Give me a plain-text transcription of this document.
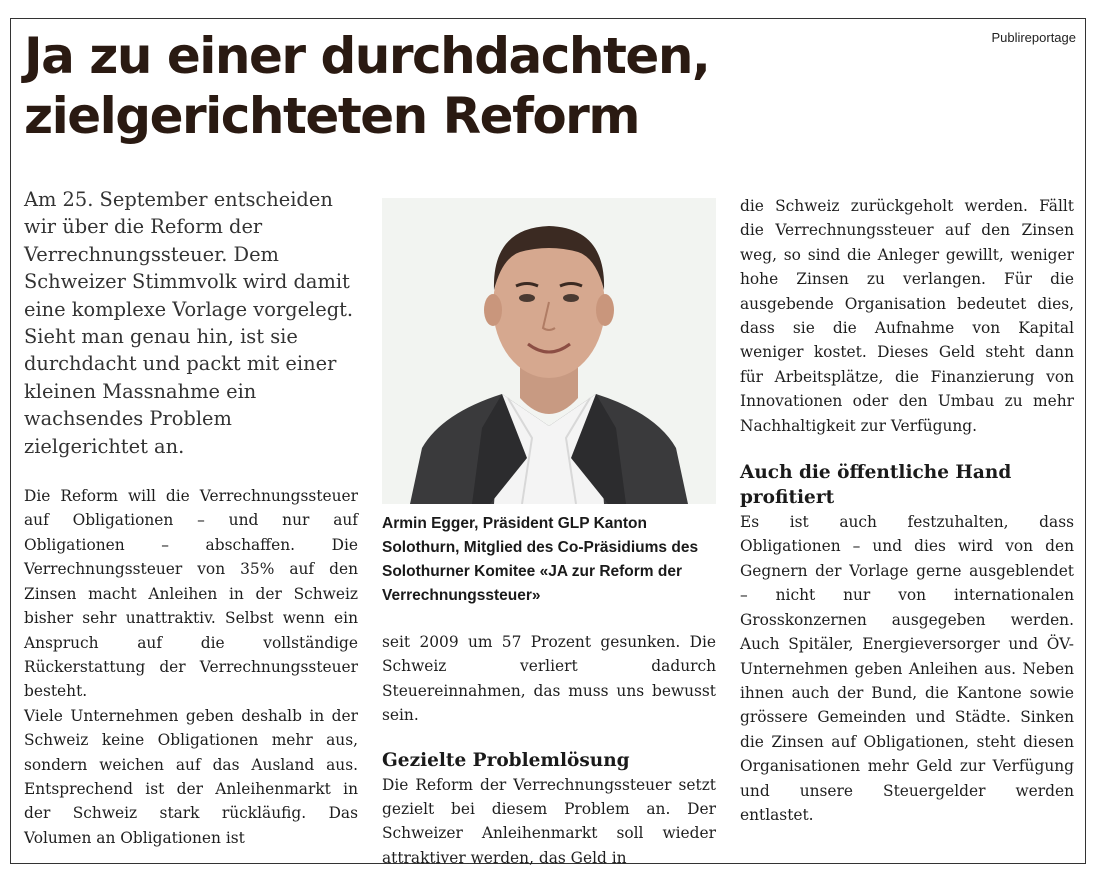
Publireportage
Ja zu einer durchdachten, zielgerichteten Reform

Am 25. September entscheiden wir über die Reform der Verrechnungssteuer. Dem Schweizer Stimmvolk wird damit eine komplexe Vorlage vorgelegt. Sieht man genau hin, ist sie durchdacht und packt mit einer kleinen Massnahme ein wachsendes Problem zielgerichtet an.

Die Reform will die Verrechnungssteuer auf Obligationen – und nur auf Obligationen – abschaffen. Die Verrechnungssteuer von 35% auf den Zinsen macht Anleihen in der Schweiz bisher sehr unattraktiv. Selbst wenn ein Anspruch auf die vollständige Rückerstattung der Verrechnungssteuer besteht.

Viele Unternehmen geben deshalb in der Schweiz keine Obligationen mehr aus, sondern weichen auf das Ausland aus. Entsprechend ist der Anleihenmarkt in der Schweiz stark rückläufig. Das Volumen an Obligationen ist

Armin Egger, Präsident GLP Kanton Solothurn, Mitglied des Co-Präsidiums des Solothurner Komitee «JA zur Reform der Verrechnungssteuer»

seit 2009 um 57 Prozent gesunken. Die Schweiz verliert dadurch Steuereinnahmen, das muss uns bewusst sein.

Gezielte Problemlösung

Die Reform der Verrechnungssteuer setzt gezielt bei diesem Problem an. Der Schweizer Anleihenmarkt soll wieder attraktiver werden, das Geld in

die Schweiz zurückgeholt werden. Fällt die Verrechnungssteuer auf den Zinsen weg, so sind die Anleger gewillt, weniger hohe Zinsen zu verlangen. Für die ausgebende Organisation bedeutet dies, dass sie die Aufnahme von Kapital weniger kostet. Dieses Geld steht dann für Arbeitsplätze, die Finanzierung von Innovationen oder den Umbau zu mehr Nachhaltigkeit zur Verfügung.

Auch die öffentliche Hand profitiert

Es ist auch festzuhalten, dass Obligationen – und dies wird von den Gegnern der Vorlage gerne ausgeblendet – nicht nur von internationalen Grosskonzernen ausgegeben werden. Auch Spitäler, Energieversorger und ÖV-Unternehmen geben Anleihen aus. Neben ihnen auch der Bund, die Kantone sowie grössere Gemeinden und Städte. Sinken die Zinsen auf Obligationen, steht diesen Organisationen mehr Geld zur Verfügung und unsere Steuergelder werden entlastet.
